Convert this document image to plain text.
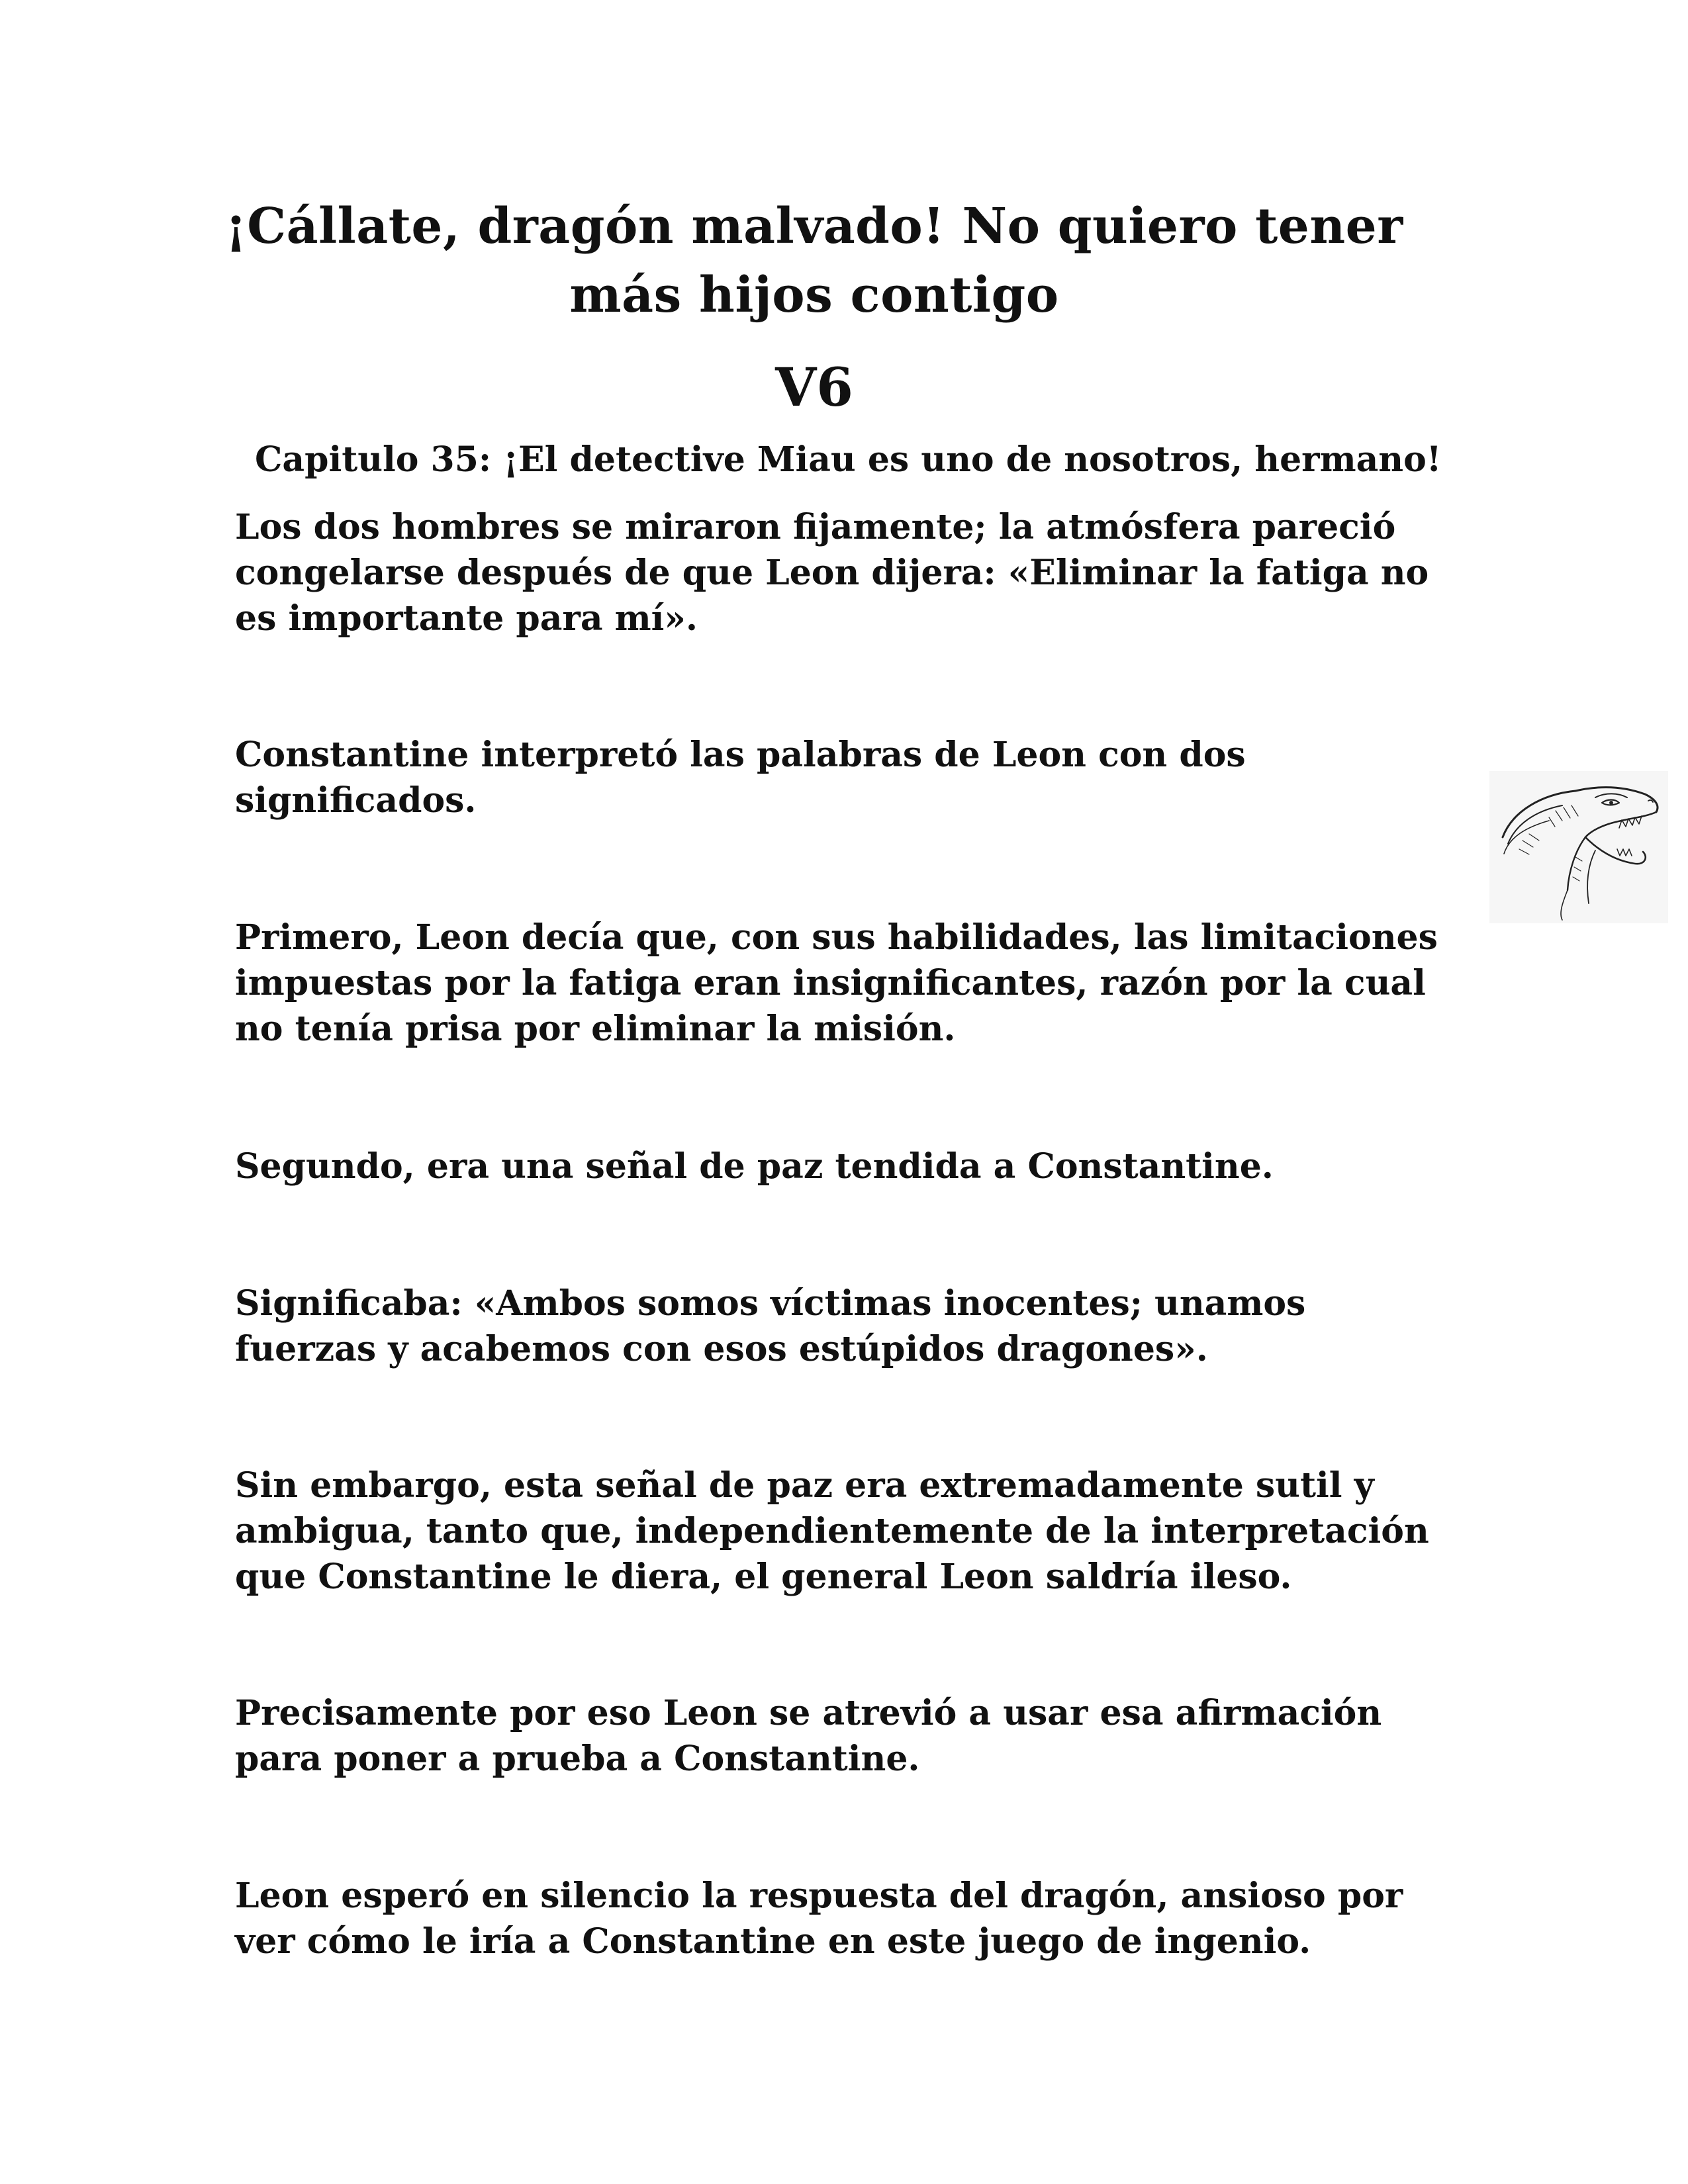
¡Cállate, dragón malvado! No quiero tener más hijos contigo
V6
Capitulo 35: ¡El detective Miau es uno de nosotros, hermano!

Los dos hombres se miraron fijamente; la atmósfera pareció congelarse después de que Leon dijera: «Eliminar la fatiga no es importante para mí».

Constantine interpretó las palabras de Leon con dos significados.

Primero, Leon decía que, con sus habilidades, las limitaciones impuestas por la fatiga eran insignificantes, razón por la cual no tenía prisa por eliminar la misión.

Segundo, era una señal de paz tendida a Constantine.

Significaba: «Ambos somos víctimas inocentes; unamos fuerzas y acabemos con esos estúpidos dragones».

Sin embargo, esta señal de paz era extremadamente sutil y ambigua, tanto que, independientemente de la interpretación que Constantine le diera, el general Leon saldría ileso.

Precisamente por eso Leon se atrevió a usar esa afirmación para poner a prueba a Constantine.

Leon esperó en silencio la respuesta del dragón, ansioso por ver cómo le iría a Constantine en este juego de ingenio.
